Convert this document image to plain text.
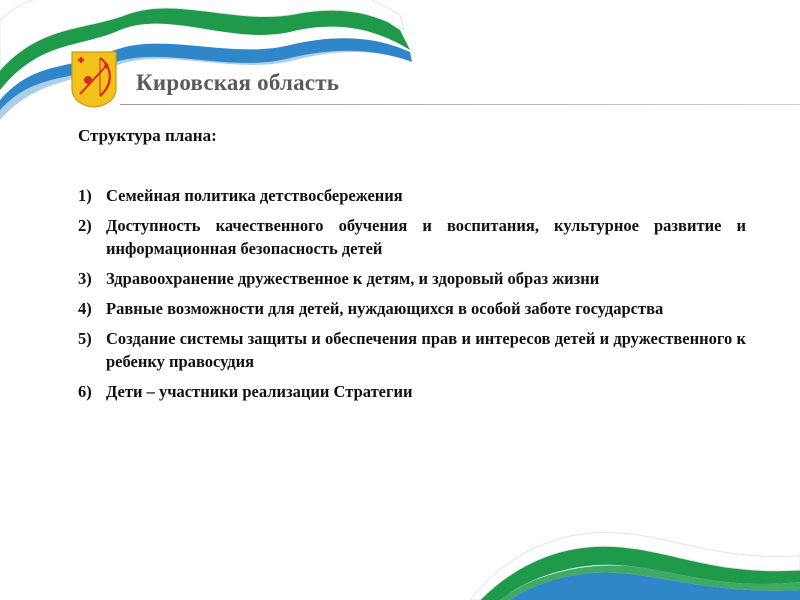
Кировская область

Структура плана:

1) Семейная политика детствосбережения
2) Доступность качественного обучения и воспитания, культурное развитие и информационная безопасность детей
3) Здравоохранение дружественное к детям, и здоровый образ жизни
4) Равные возможности для детей, нуждающихся в особой заботе государства
5) Создание системы защиты и обеспечения прав и интересов детей и дружественного к ребенку правосудия
6) Дети – участники реализации Стратегии
